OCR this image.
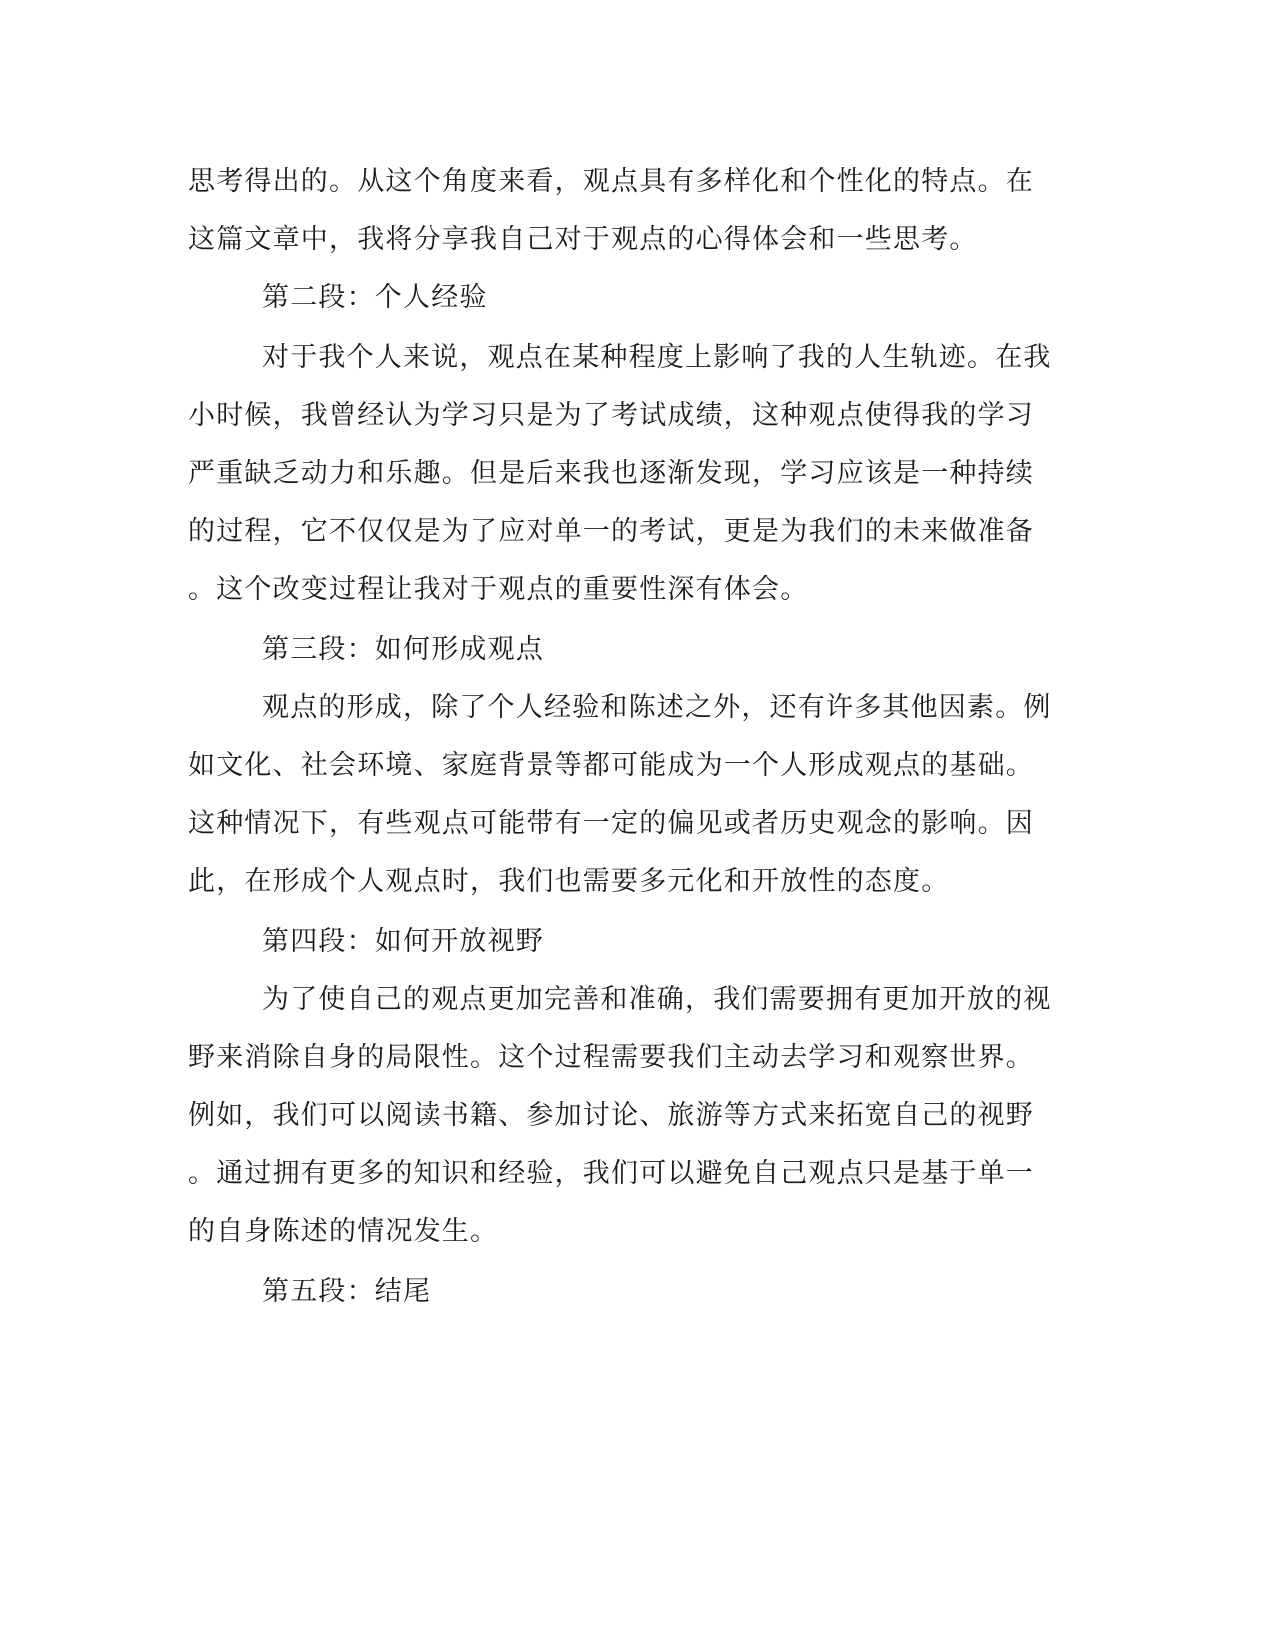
思考得出的。从这个角度来看，观点具有多样化和个性化的特点。在
这篇文章中，我将分享我自己对于观点的心得体会和一些思考。
第二段：个人经验
对于我个人来说，观点在某种程度上影响了我的人生轨迹。在我
小时候，我曾经认为学习只是为了考试成绩，这种观点使得我的学习
严重缺乏动力和乐趣。但是后来我也逐渐发现，学习应该是一种持续
的过程，它不仅仅是为了应对单一的考试，更是为我们的未来做准备
。这个改变过程让我对于观点的重要性深有体会。
第三段：如何形成观点
观点的形成，除了个人经验和陈述之外，还有许多其他因素。例
如文化、社会环境、家庭背景等都可能成为一个人形成观点的基础。
这种情况下，有些观点可能带有一定的偏见或者历史观念的影响。因
此，在形成个人观点时，我们也需要多元化和开放性的态度。
第四段：如何开放视野
为了使自己的观点更加完善和准确，我们需要拥有更加开放的视
野来消除自身的局限性。这个过程需要我们主动去学习和观察世界。
例如，我们可以阅读书籍、参加讨论、旅游等方式来拓宽自己的视野
。通过拥有更多的知识和经验，我们可以避免自己观点只是基于单一
的自身陈述的情况发生。
第五段：结尾
